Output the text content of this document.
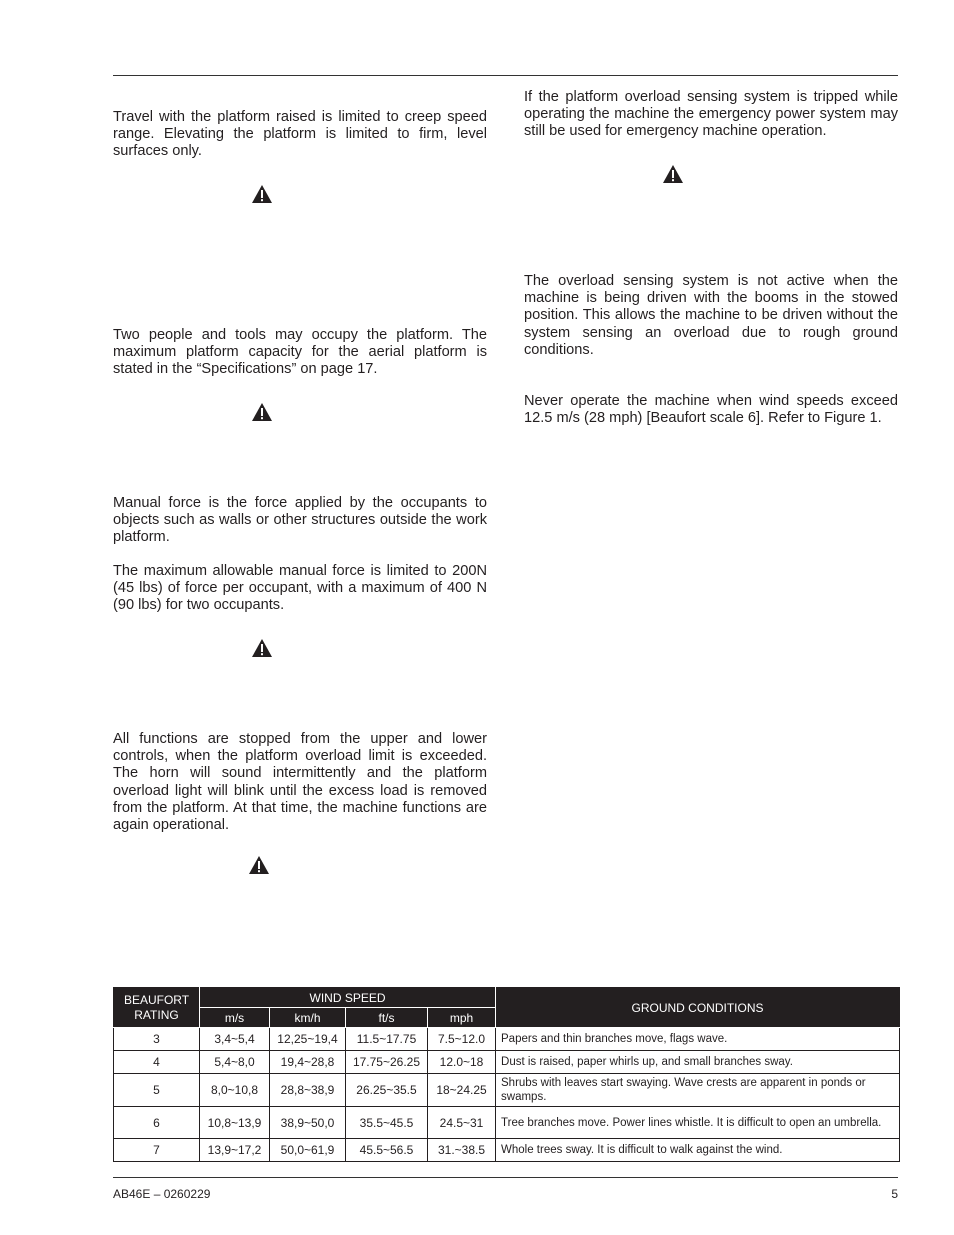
Travel with the platform raised is limited to creep speed range. Elevating the platform is limited to firm, level surfaces only.

Two people and tools may occupy the platform. The maximum platform capacity for the aerial platform is stated in the “Specifications” on page 17.

Manual force is the force applied by the occupants to objects such as walls or other structures outside the work platform.

The maximum allowable manual force is limited to 200N (45 lbs) of force per occupant, with a maximum of 400 N (90 lbs) for two occupants.

All functions are stopped from the upper and lower controls, when the platform overload limit is exceeded. The horn will sound intermittently and the platform overload light will blink until the excess load is removed from the platform. At that time, the machine functions are again operational.

If the platform overload sensing system is tripped while operating the machine the emergency power system may still be used for emergency machine operation.

The overload sensing system is not active when the machine is being driven with the booms in the stowed position. This allows the machine to be driven without the system sensing an overload due to rough ground conditions.

Never operate the machine when wind speeds exceed 12.5 m/s (28 mph) [Beaufort scale 6]. Refer to Figure 1.

BEAUFORT RATING	WIND SPEED				GROUND CONDITIONS
	m/s	km/h	ft/s	mph	
3	3,4~5,4	12,25~19,4	11.5~17.75	7.5~12.0	Papers and thin branches move, flags wave.
4	5,4~8,0	19,4~28,8	17.75~26.25	12.0~18	Dust is raised, paper whirls up, and small branches sway.
5	8,0~10,8	28,8~38,9	26.25~35.5	18~24.25	Shrubs with leaves start swaying. Wave crests are apparent in ponds or swamps.
6	10,8~13,9	38,9~50,0	35.5~45.5	24.5~31	Tree branches move. Power lines whistle. It is difficult to open an umbrella.
7	13,9~17,2	50,0~61,9	45.5~56.5	31.~38.5	Whole trees sway. It is difficult to walk against the wind.
AB46E – 0260229	5
